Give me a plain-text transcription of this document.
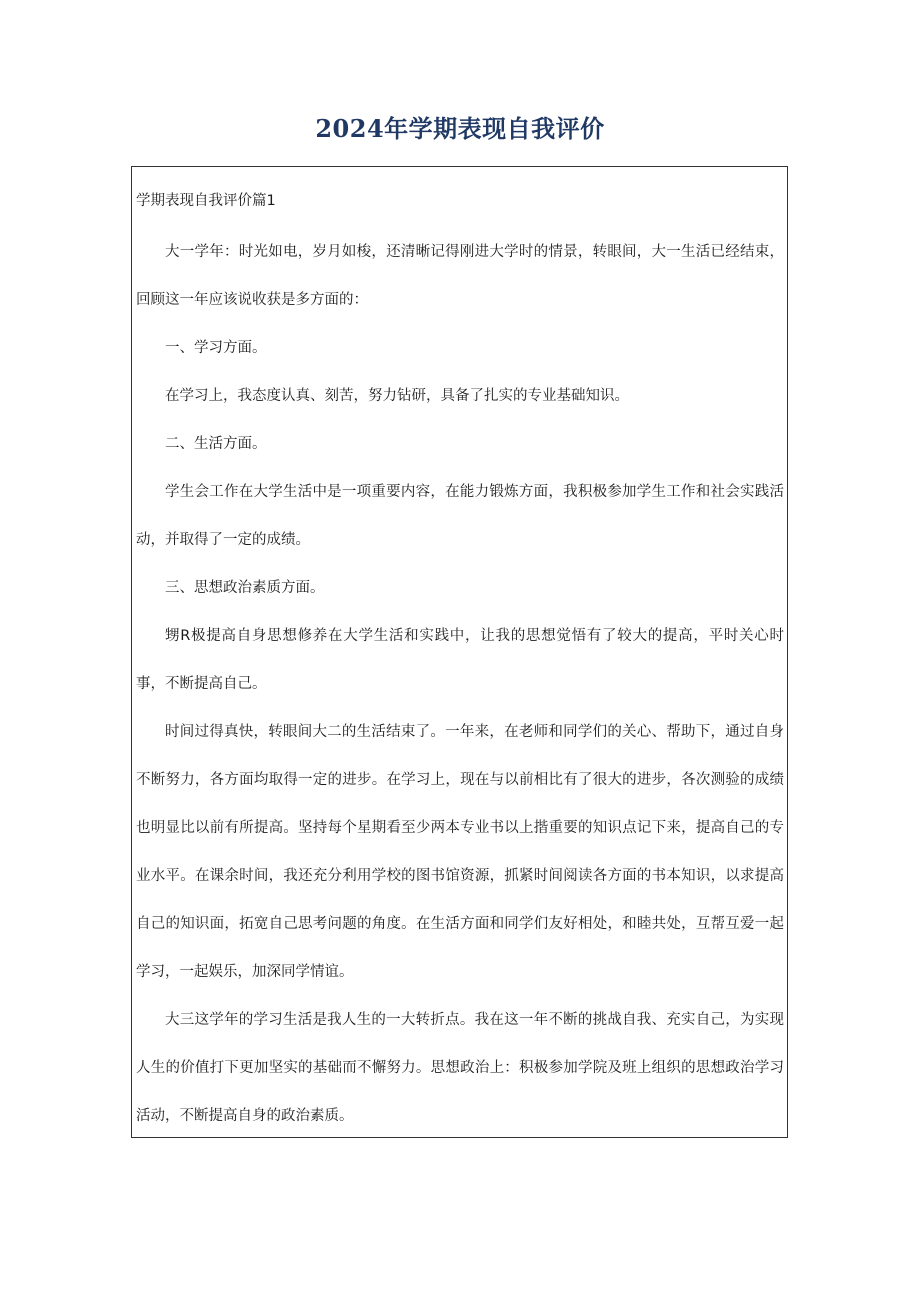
2024年学期表现自我评价
学期表现自我评价篇1

大一学年：时光如电，岁月如梭，还清晰记得刚进大学时的情景，转眼间，大一生活已经结束，回顾这一年应该说收获是多方面的：

一、学习方面。

在学习上，我态度认真、刻苦，努力钻研，具备了扎实的专业基础知识。

二、生活方面。

学生会工作在大学生活中是一项重要内容，在能力锻炼方面，我积极参加学生工作和社会实践活动，并取得了一定的成绩。

三、思想政治素质方面。

甥R极提高自身思想修养在大学生活和实践中，让我的思想觉悟有了较大的提高，平时关心时事，不断提高自己。

时间过得真快，转眼间大二的生活结束了。一年来，在老师和同学们的关心、帮助下，通过自身不断努力，各方面均取得一定的进步。在学习上，现在与以前相比有了很大的进步，各次测验的成绩也明显比以前有所提高。坚持每个星期看至少两本专业书以上揩重要的知识点记下来，提高自己的专业水平。在课余时间，我还充分利用学校的图书馆资源，抓紧时间阅读各方面的书本知识，以求提高自己的知识面，拓宽自己思考问题的角度。在生活方面和同学们友好相处，和睦共处，互帮互爱一起学习，一起娱乐，加深同学情谊。

大三这学年的学习生活是我人生的一大转折点。我在这一年不断的挑战自我、充实自己，为实现人生的价值打下更加坚实的基础而不懈努力。思想政治上：积极参加学院及班上组织的思想政治学习活动，不断提高自身的政治素质。
